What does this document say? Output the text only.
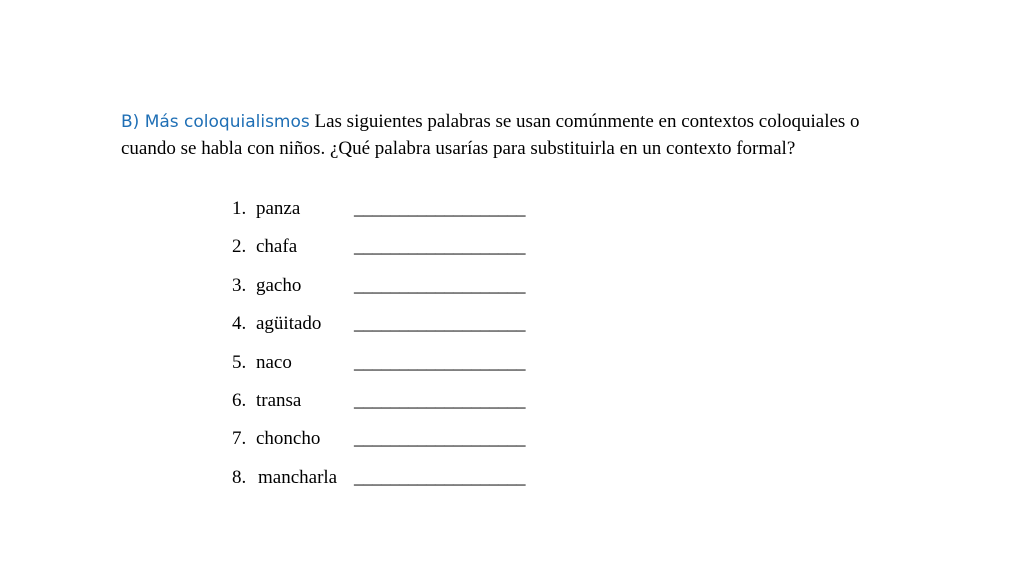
B) Más coloquialismos Las siguientes palabras se usan comúnmente en contextos coloquiales o cuando se habla con niños. ¿Qué palabra usarías para substituirla en un contexto formal?

1. panza	___________________
2. chafa	___________________
3. gacho	___________________
4. agüitado	___________________
5. naco	___________________
6. transa	___________________
7. choncho	___________________
8. mancharla ___________________
